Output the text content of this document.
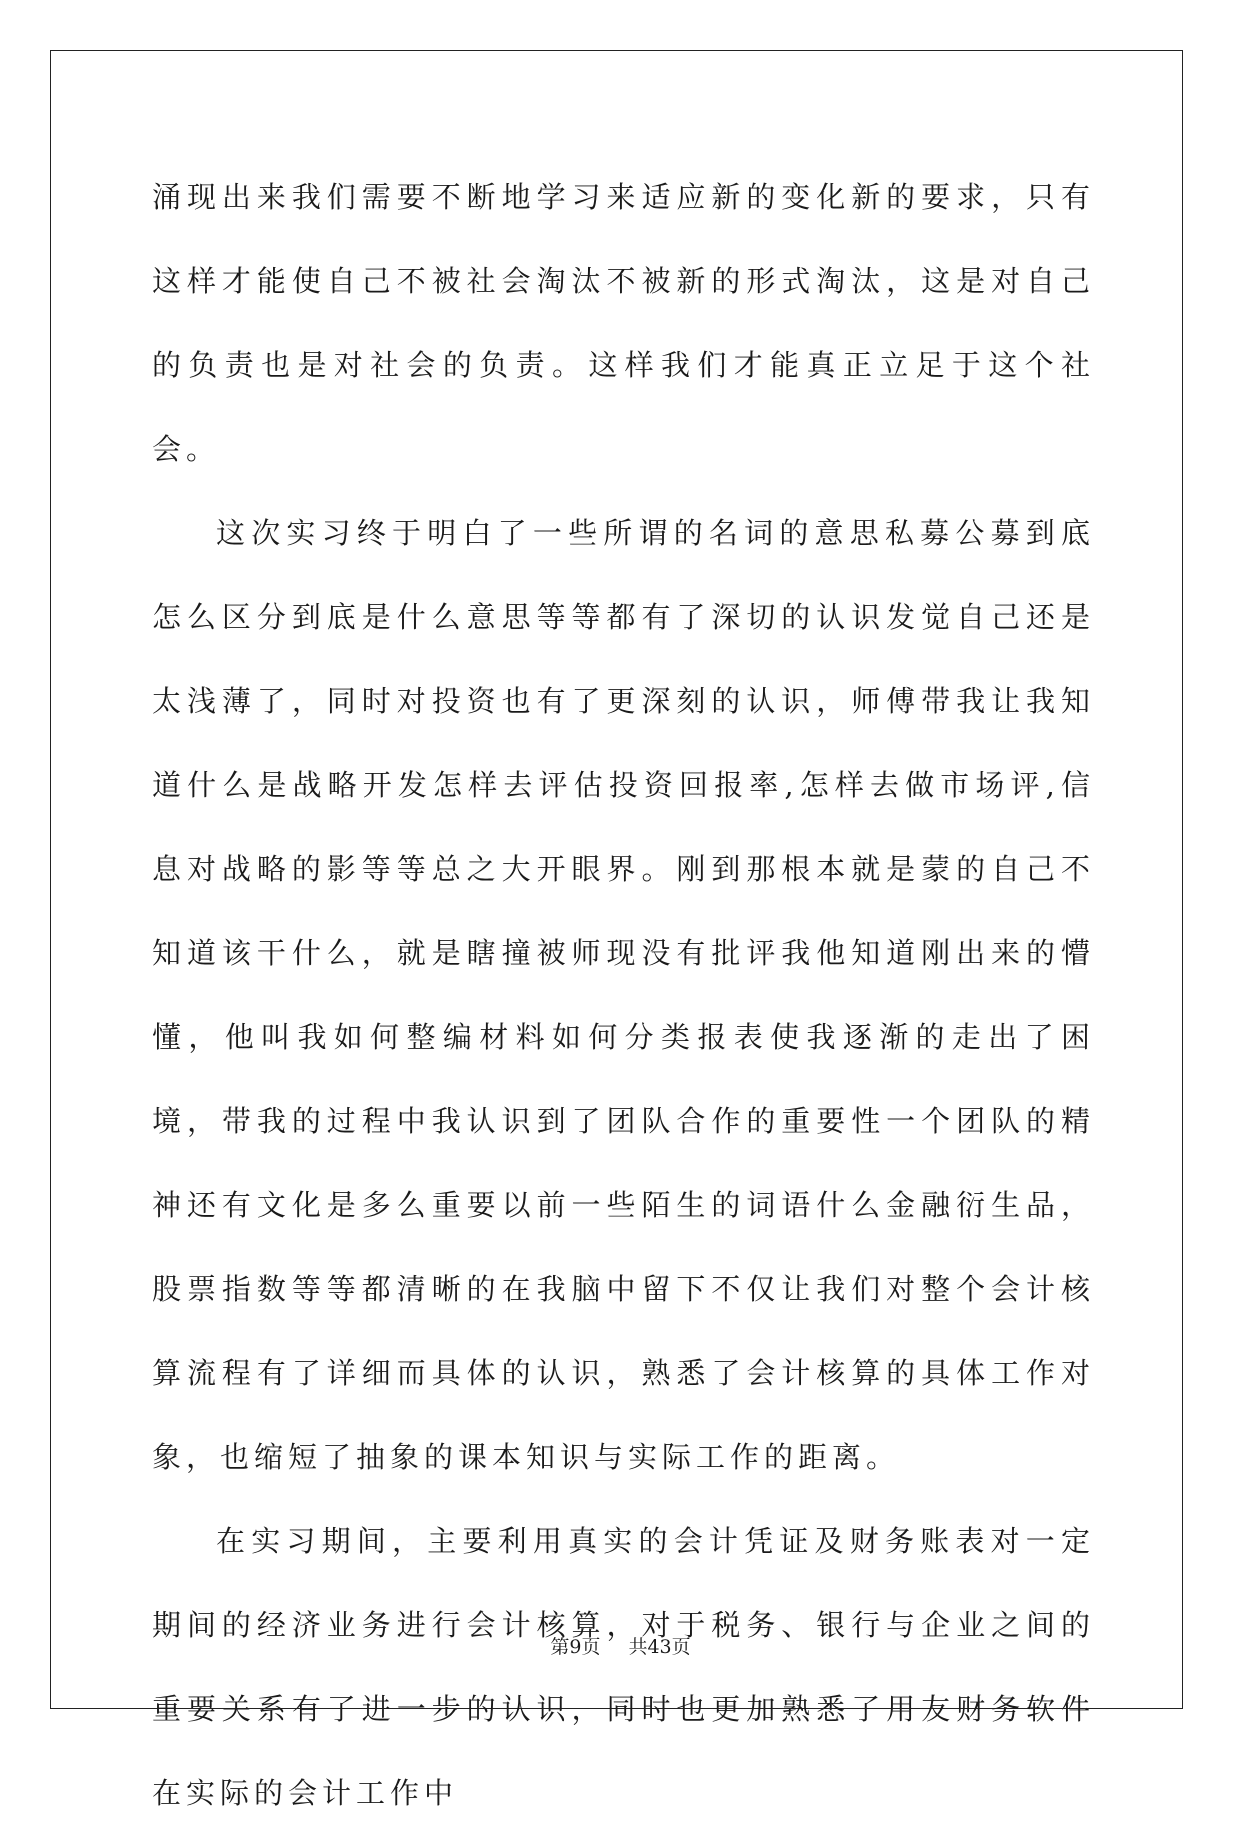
涌现出来我们需要不断地学习来适应新的变化新的要求，只有这样才能使自己不被社会淘汰不被新的形式淘汰，这是对自己的负责也是对社会的负责。这样我们才能真正立足于这个社会。

这次实习终于明白了一些所谓的名词的意思私募公募到底怎么区分到底是什么意思等等都有了深切的认识发觉自己还是太浅薄了，同时对投资也有了更深刻的认识，师傅带我让我知道什么是战略开发怎样去评估投资回报率,怎样去做市场评,信息对战略的影等等总之大开眼界。刚到那根本就是蒙的自己不知道该干什么，就是瞎撞被师现没有批评我他知道刚出来的懵懂，他叫我如何整编材料如何分类报表使我逐渐的走出了困境，带我的过程中我认识到了团队合作的重要性一个团队的精神还有文化是多么重要以前一些陌生的词语什么金融衍生品，股票指数等等都清晰的在我脑中留下不仅让我们对整个会计核算流程有了详细而具体的认识，熟悉了会计核算的具体工作对象，也缩短了抽象的课本知识与实际工作的距离。

在实习期间，主要利用真实的会计凭证及财务账表对一定期间的经济业务进行会计核算，对于税务、银行与企业之间的重要关系有了进一步的认识，同时也更加熟悉了用友财务软件在实际的会计工作中

第9页 共43页
